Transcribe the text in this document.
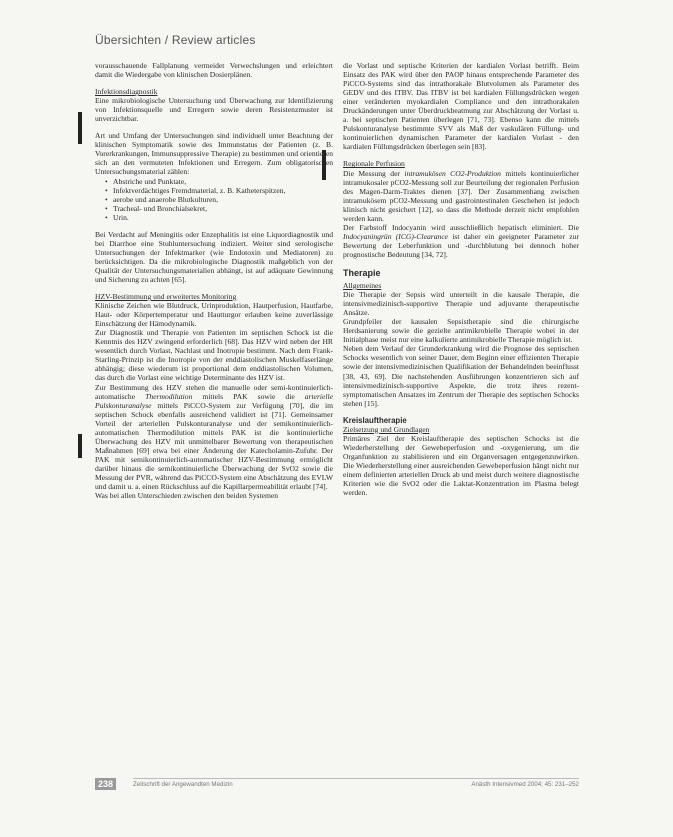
Übersichten / Review articles

vorausschauende Fallplanung vermeidet Verwechslungen und erleichtert damit die Wiedergabe von klinischen Dosierplänen.

Infektionsdiagnostik

Eine mikrobiologische Untersuchung und Überwachung zur Identifizierung von Infektionsquelle und Erregern sowie deren Resistenzmuster ist unverzichtbar.

Art und Umfang der Untersuchungen sind individuell unter Beachtung der klinischen Symptomatik sowie des Immunstatus der Patienten (z. B. Vorerkrankungen, Immunsuppressive Therapie) zu bestimmen und orientieren sich an den vermuteten Infektionen und Erregern. Zum obligatorischen Untersuchungsmaterial zählen:

• Abstriche und Punktate,
• Infektverdächtiges Fremdmaterial, z. B. Katheterspitzen,
• aerobe und anaerobe Blutkulturen,
• Tracheal- und Bronchialsekret,
• Urin.

Bei Verdacht auf Meningitis oder Enzephalitis ist eine Liquordiagnostik und bei Diarrhoe eine Stuhluntersuchung indiziert. Weiter sind serologische Untersuchungen der Infektmarker (wie Endotoxin und Mediatoren) zu berücksichtigen. Da die mikrobiologische Diagnostik maßgeblich von der Qualität der Untersuchungsmaterialien abhängt, ist auf adäquate Gewinnung und Sicherung zu achten [65].

HZV-Bestimmung und erweitertes Monitoring

Klinische Zeichen wie Blutdruck, Urinproduktion, Hautperfusion, Hautfarbe, Haut- oder Körpertemperatur und Hautturgor erlauben keine zuverlässige Einschätzung der Hämodynamik.

Zur Diagnostik und Therapie von Patienten im septischen Schock ist die Kenntnis des HZV zwingend erforderlich [68]. Das HZV wird neben der HR wesentlich durch Vorlast, Nachlast und Inotropie bestimmt. Nach dem Frank-Starling-Prinzip ist die Inotropie von der enddiastolischen Muskelfaserlänge abhängig; diese wiederum ist proportional dem enddiastolischen Volumen, das durch die Vorlast eine wichtige Determinante des HZV ist.

Zur Bestimmung des HZV stehen die manuelle oder semi-kontinuierlich-automatische Thermodilution mittels PAK sowie die arterielle Pulskonturanalyse mittels PiCCO-System zur Verfügung [70], die im septischen Schock ebenfalls ausreichend validiert ist [71]. Gemeinsamer Vorteil der arteriellen Pulskonturanalyse und der semikontinuierlich-automatischen Thermodilution mittels PAK ist die kontinuierliche Überwachung des HZV mit unmittelbarer Bewertung von therapeutischen Maßnahmen [69] etwa bei einer Änderung der Katecholamin-Zufuhr. Der PAK mit semikontinuierlich-automatischer HZV-Bestimmung ermöglicht darüber hinaus die semikontinuierliche Überwachung der SvO2 sowie die Messung der PVR, während das PiCCO-System eine Abschätzung des EVLW und damit u. a. einen Rückschluss auf die Kapillarpermeabilität erlaubt [74].

Was bei allen Unterschieden zwischen den beiden Systemen

die Vorlast und septische Kriterien der kardialen Vorlast betrifft. Beim Einsatz des PAK wird über den PAOP hinaus entsprechende Parameter des PiCCO-Systems sind das intrathorakale Blutvolumen als Parameter des GEDV und des ITBV. Das ITBV ist bei kardialen Füllungsdrücken wegen einer veränderten myokardialen Compliance und den intrathorakalen Druckänderungen unter Überdruckbeatmung zur Abschätzung der Vorlast u. a. bei septischen Patienten überlegen [71, 73]. Ebenso kann die mittels Pulskonturanalyse bestimmte SVV als Maß der vaskulären Füllung- und kontinuierlichen dynamischen Parameter der kardialen Vorlast - den kardialen Füllungsdrücken überlegen sein [83].

Regionale Perfusion

Die Messung der intramukösen CO2-Produktion mittels kontinuierlicher intramukosaler pCO2-Messung soll zur Beurteilung der regionalen Perfusion des Magen-Darm-Traktes dienen [37]. Der Zusammenhang zwischen intramukösem pCO2-Messung und gastrointestinalen Geschehen ist jedoch klinisch nicht gesichert [12], so dass die Methode derzeit nicht empfohlen werden kann.

Der Farbstoff Indocyanin wird ausschließlich hepatisch eliminiert. Die Indocyaningrün (ICG)-Clearance ist daher ein geeigneter Parameter zur Bewertung der Leberfunktion und -durchblutung bei dennoch hoher prognostische Bedeutung [34, 72].

Therapie

Allgemeines

Die Therapie der Sepsis wird unterteilt in die kausale Therapie, die intensivmedizinisch-supportive Therapie und adjuvante therapeutische Ansätze.

Grundpfeiler der kausalen Sepsistherapie sind die chirurgische Herdsanierung sowie die gezielte antimikrobielle Therapie wobei in der Initialphase meist nur eine kalkulierte antimikrobielle Therapie möglich ist.

Neben dem Verlauf der Grunderkrankung wird die Prognose des septischen Schocks wesentlich von seiner Dauer, dem Beginn einer effizienten Therapie sowie der intensivmedizinischen Qualifikation der Behandelnden beeinflusst [38, 43, 69]. Die nachstehenden Ausführungen konzentrieren sich auf intensivmedizinisch-supportive Aspekte, die trotz ihres rezent-symptomatischen Ansatzes im Zentrum der Therapie des septischen Schocks stehen [15].

Kreislauftherapie

Zielsetzung und Grundlagen

Primäres Ziel der Kreislauftherapie des septischen Schocks ist die Wiederherstellung der Gewebeperfusion und -oxygenierung, um die Organfunktion zu stabilisieren und ein Organversagen entgegenzuwirken. Die Wiederherstellung einer ausreichenden Gewebeperfusion hängt nicht nur einem definierten arteriellen Druck ab und meist durch weitere diagnostische Kriterien wie die SvO2 oder die Laktat-Konzentration im Plasma belegt werden.

238	Zeitschrift der Angewandten Medizin	Anästh Intensivmed 2004; 45: 231–252
